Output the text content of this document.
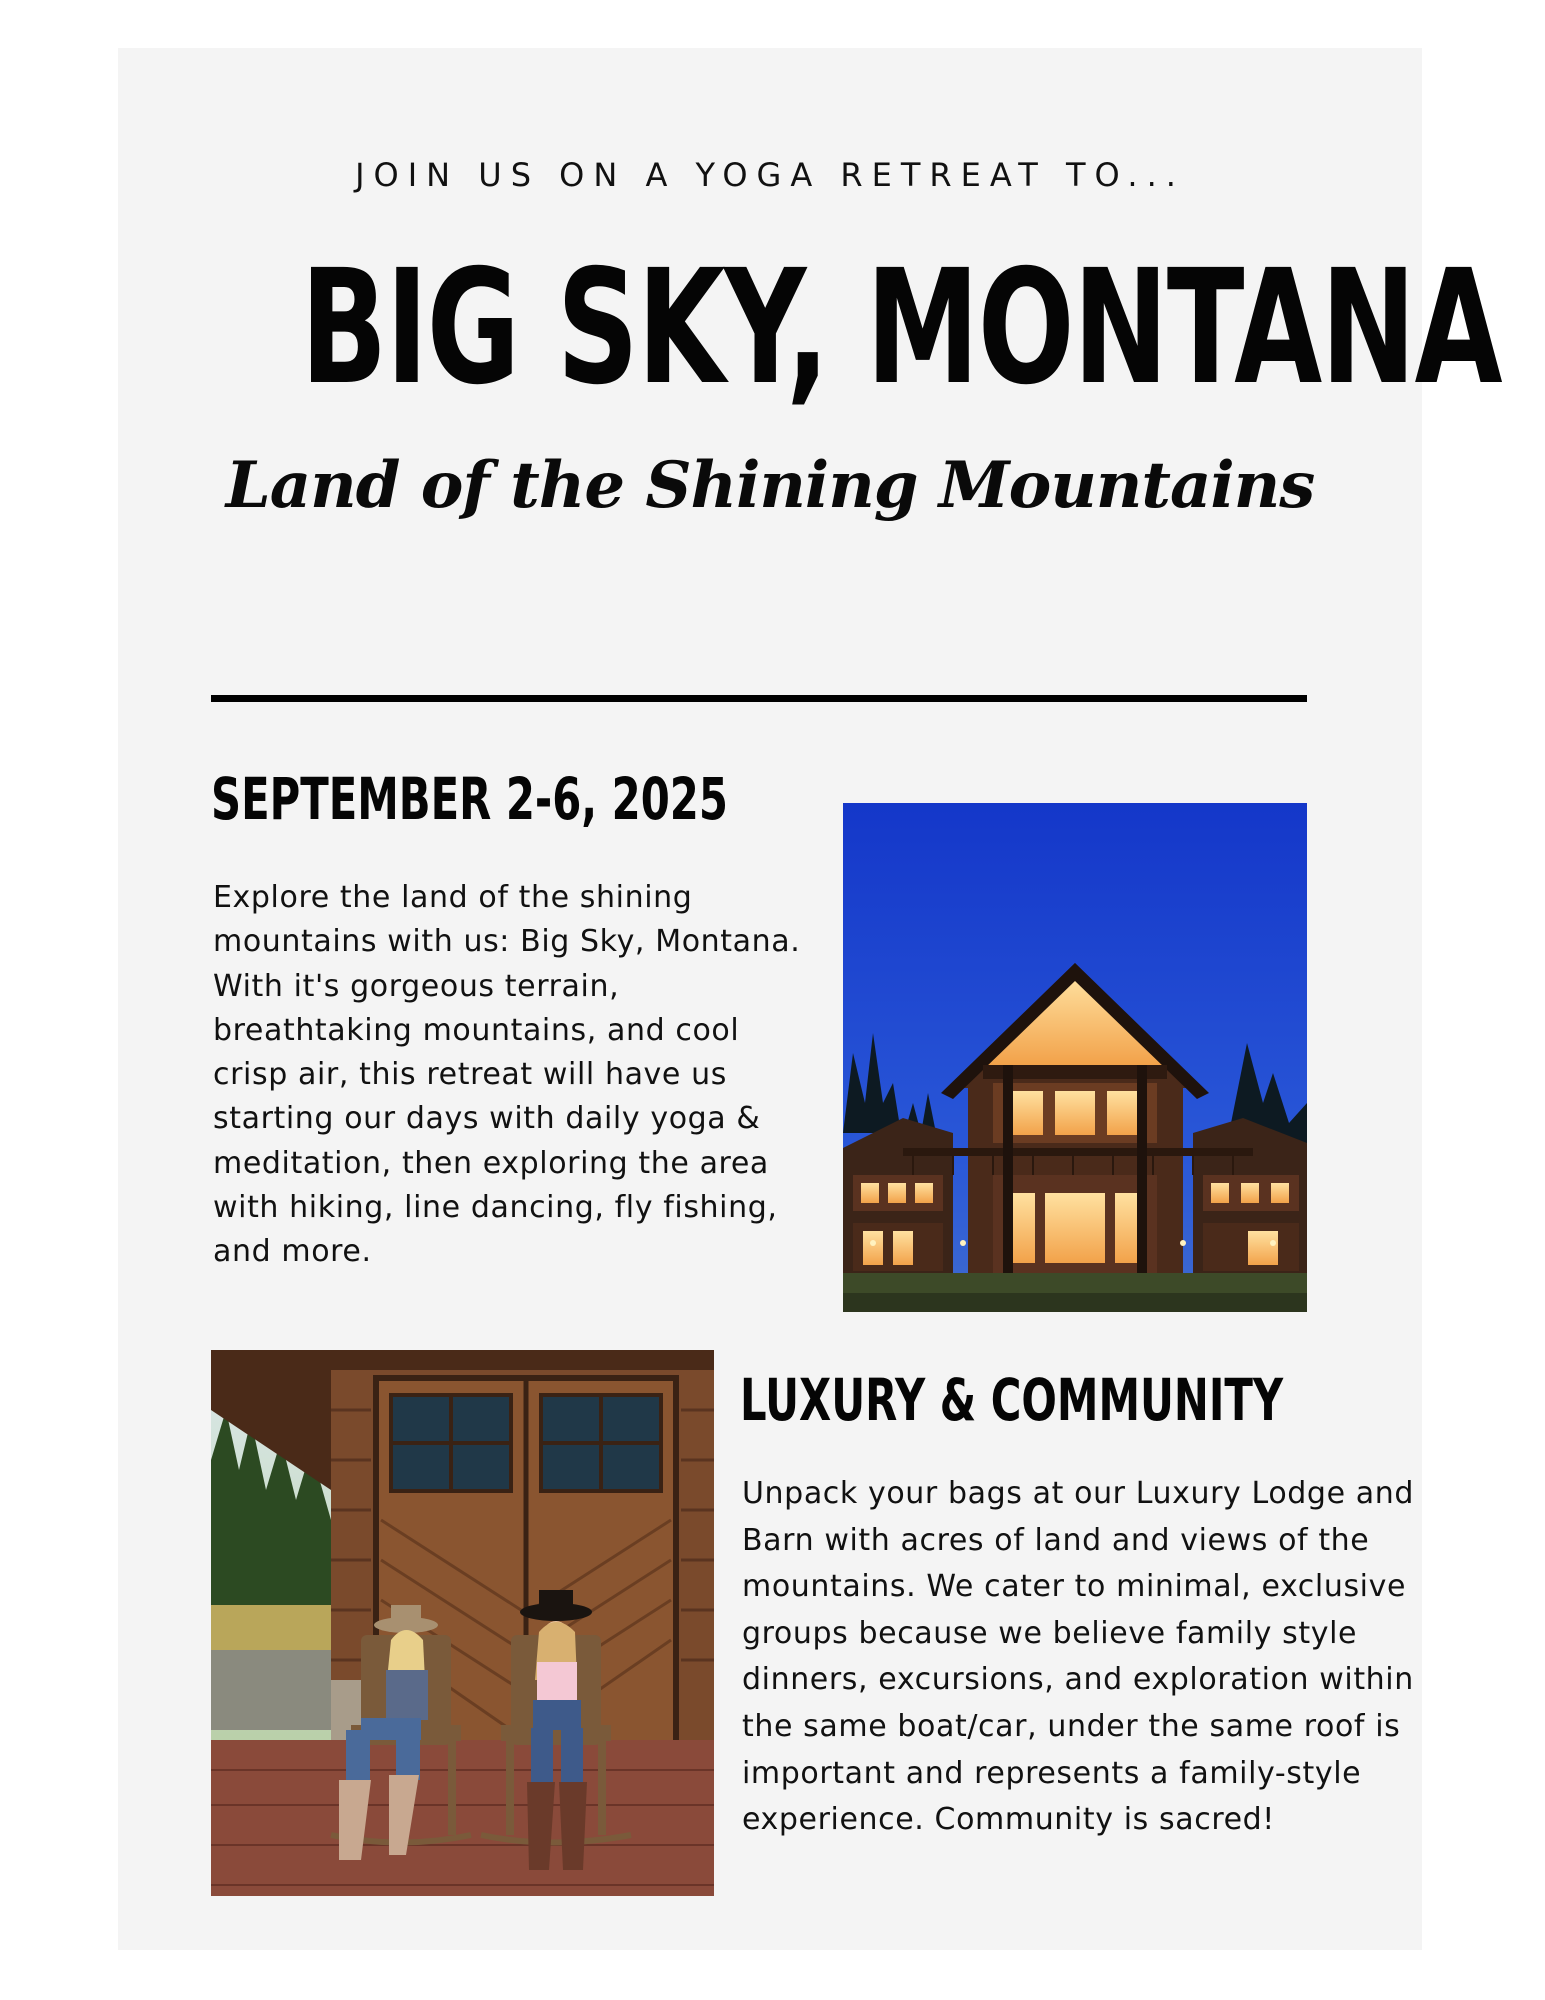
JOIN US ON A YOGA RETREAT TO...
BIG SKY, MONTANA
Land of the Shining Mountains
SEPTEMBER 2-6, 2025

Explore the land of the shining mountains with us: Big Sky, Montana. With it's gorgeous terrain, breathtaking mountains, and cool crisp air, this retreat will have us starting our days with daily yoga & meditation, then exploring the area with hiking, line dancing, fly fishing, and more.

LUXURY & COMMUNITY

Unpack your bags at our Luxury Lodge and Barn with acres of land and views of the mountains. We cater to minimal, exclusive groups because we believe family style dinners, excursions, and exploration within the same boat/car, under the same roof is important and represents a family-style experience. Community is sacred!
